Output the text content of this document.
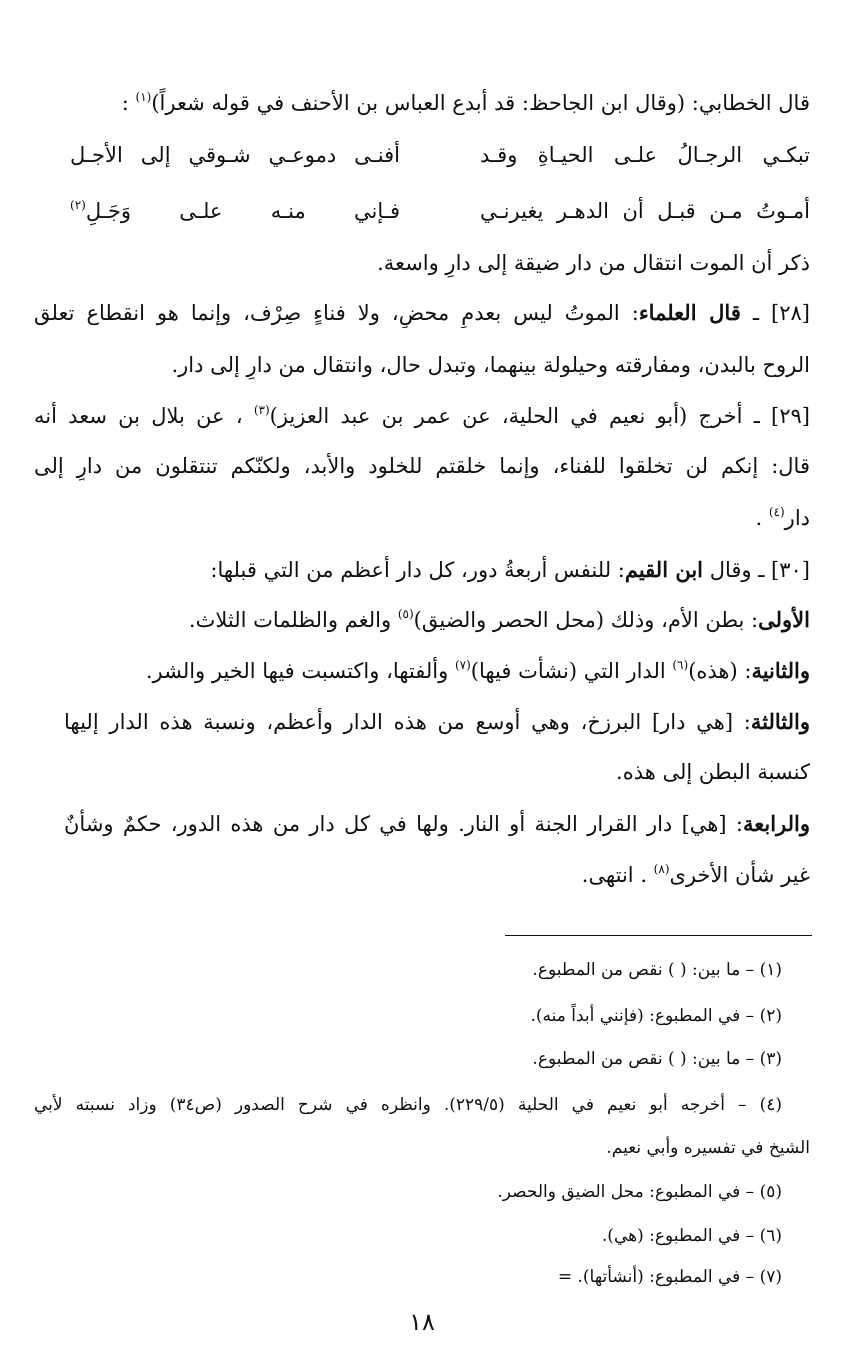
قال الخطابي: (وقال ابن الجاحظ: قد أبدع العباس بن الأحنف في قوله شعراً)$^{(١)}$ :
تبكـي الرجـالُ علـى الحيـاةِ وقـد
أفنـى دموعـي شـوقي إلى الأجـل
أمـوتُ مـن قبـل أن الدهـر يغيرنـي
فـإني منـه علـى وَجَـلِ$^{(٢)}$
ذكر أن الموت انتقال من دار ضيقة إلى دارٍ واسعة.
[٢٨] ـ قال العلماء: الموتُ ليس بعدمٍ محضٍ، ولا فناءٍ صِرْف، وإنما هو انقطاع تعلق
الروح بالبدن، ومفارقته وحيلولة بينهما، وتبدل حال، وانتقال من دارٍ إلى دار.
[٢٩] ـ أخرج (أبو نعيم في الحلية، عن عمر بن عبد العزيز)$^{(٣)}$ ، عن بلال بن سعد أنه
قال: إنكم لن تخلقوا للفناء، وإنما خلقتم للخلود والأبد، ولكنّكم تنتقلون من دارٍ إلى
دار$^{(٤)}$ .
[٣٠] ـ وقال ابن القيم: للنفس أربعةُ دور، كل دار أعظم من التي قبلها:
الأولى: بطن الأم، وذلك (محل الحصر والضيق)$^{(٥)}$ والغم والظلمات الثلاث.
والثانية: (هذه)$^{(٦)}$ الدار التي (نشأت فيها)$^{(٧)}$ وألفتها، واكتسبت فيها الخير والشر.
والثالثة: [هي دار] البرزخ، وهي أوسع من هذه الدار وأعظم، ونسبة هذه الدار إليها
كنسبة البطن إلى هذه.
والرابعة: [هي] دار القرار الجنة أو النار. ولها في كل دار من هذه الدور، حكمٌ وشأنٌ
غير شأن الأخرى$^{(٨)}$ . انتهى.
(١) – ما بين: ( ) نقص من المطبوع.
(٢) – في المطبوع: (فإنني أبداً منه).
(٣) – ما بين: ( ) نقص من المطبوع.
(٤) – أخرجه أبو نعيم في الحلية (٢٢٩/٥). وانظره في شرح الصدور (ص٣٤) وزاد نسبته لأبي
الشيخ في تفسيره وأبي نعيم.
(٥) – في المطبوع: محل الضيق والحصر.
(٦) – في المطبوع: (هي).
(٧) – في المطبوع: (أنشأتها). =
١٨
